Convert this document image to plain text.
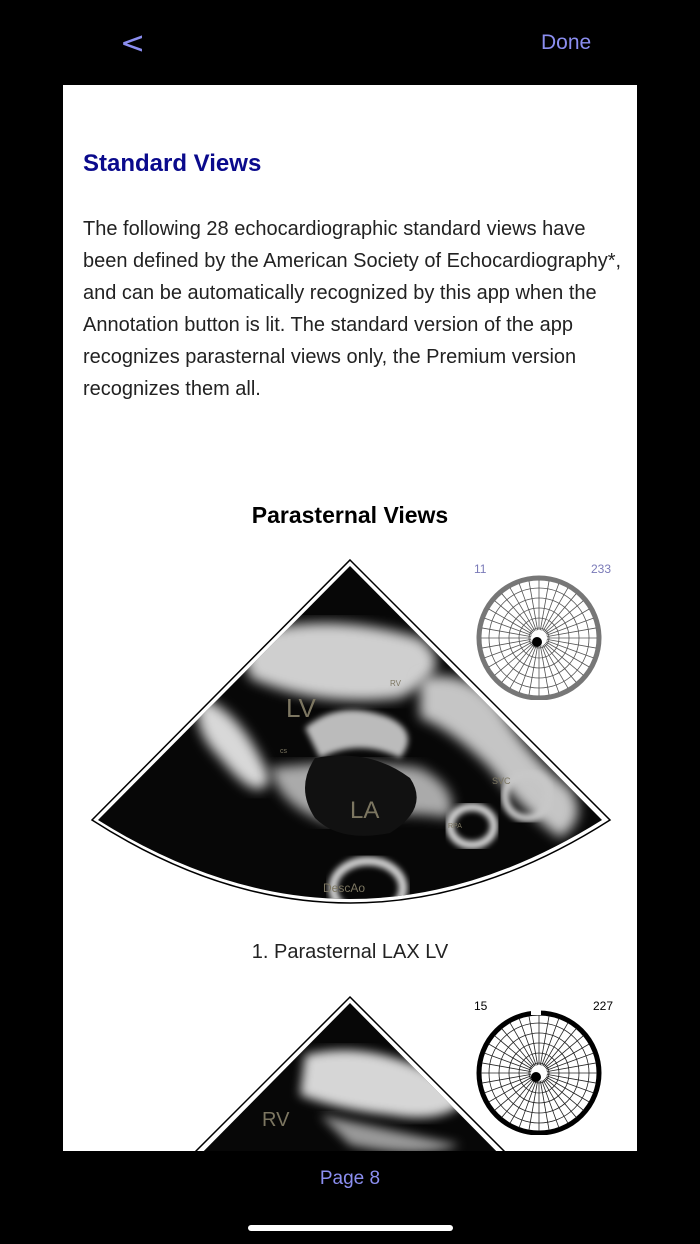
<	Done
Standard Views
The following 28 echocardiographic standard views have been defined by the American Society of Echocardiography*, and can be automatically recognized by this app when the Annotation button is lit. The standard version of the app recognizes parasternal views only, the Premium version recognizes them all.
Parasternal Views
LV
LA
DescAo
RV
SVC
RPA
cs
11	233
1. Parasternal LAX LV
RV
15	227
Page 8
